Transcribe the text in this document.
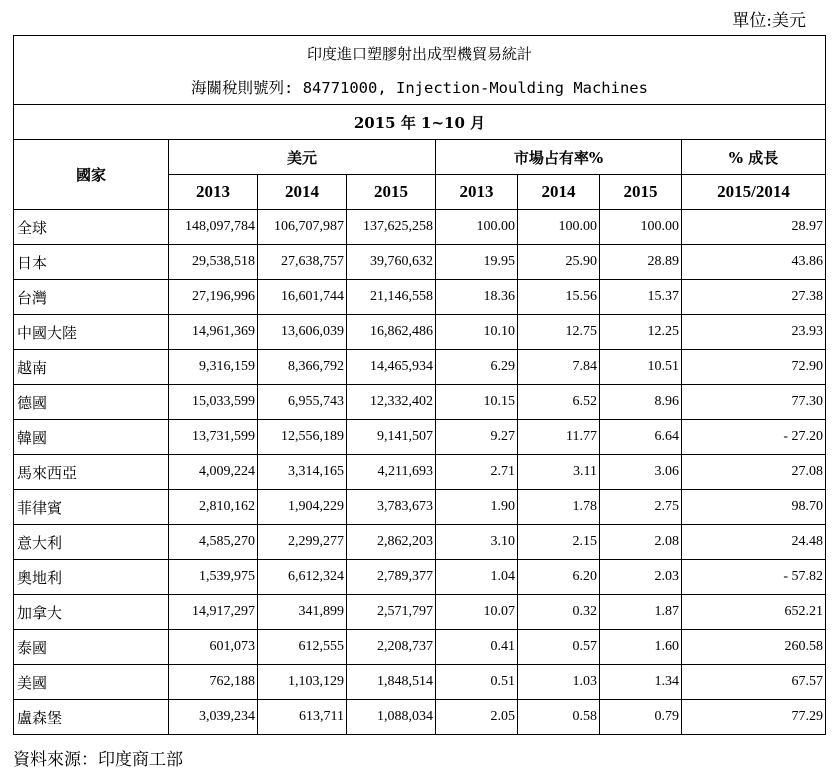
單位:美元
印度進口塑膠射出成型機貿易統計							
海關稅則號列: 84771000, Injection-Moulding Machines							
2015 年 1~10 月							
國家	美元			市場占有率%			% 成長
	2013	2014	2015	2013	2014	2015	2015/2014
全球	148,097,784	106,707,987	137,625,258	100.00	100.00	100.00	28.97
日本	29,538,518	27,638,757	39,760,632	19.95	25.90	28.89	43.86
台灣	27,196,996	16,601,744	21,146,558	18.36	15.56	15.37	27.38
中國大陸	14,961,369	13,606,039	16,862,486	10.10	12.75	12.25	23.93
越南	9,316,159	8,366,792	14,465,934	6.29	7.84	10.51	72.90
德國	15,033,599	6,955,743	12,332,402	10.15	6.52	8.96	77.30
韓國	13,731,599	12,556,189	9,141,507	9.27	11.77	6.64	- 27.20
馬來西亞	4,009,224	3,314,165	4,211,693	2.71	3.11	3.06	27.08
菲律賓	2,810,162	1,904,229	3,783,673	1.90	1.78	2.75	98.70
意大利	4,585,270	2,299,277	2,862,203	3.10	2.15	2.08	24.48
奧地利	1,539,975	6,612,324	2,789,377	1.04	6.20	2.03	- 57.82
加拿大	14,917,297	341,899	2,571,797	10.07	0.32	1.87	652.21
泰國	601,073	612,555	2,208,737	0.41	0.57	1.60	260.58
美國	762,188	1,103,129	1,848,514	0.51	1.03	1.34	67.57
盧森堡	3,039,234	613,711	1,088,034	2.05	0.58	0.79	77.29
資料來源：印度商工部
